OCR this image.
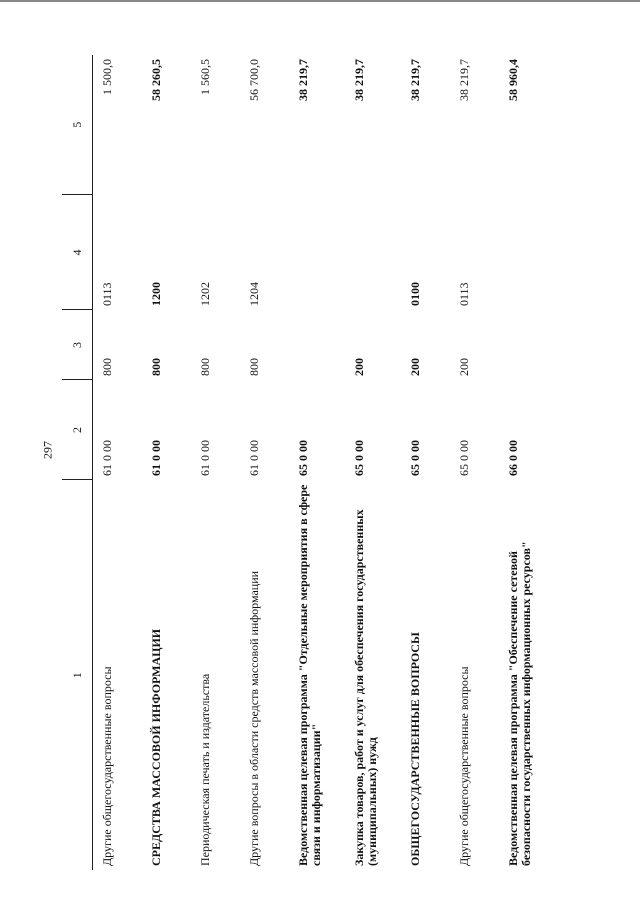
297
1	2	3	4	5
Другие общегосударственные вопросы	61 0 00	800	0113	1 500,0
СРЕДСТВА МАССОВОЙ ИНФОРМАЦИИ	61 0 00	800	1200	58 260,5
Периодическая печать и издательства	61 0 00	800	1202	1 560,5
Другие вопросы в области средств массовой информации	61 0 00	800	1204	56 700,0
Ведомственная целевая программа "Отдельные мероприятия в сфере связи и информатизации"	65 0 00			38 219,7
Закупка товаров, работ и услуг для обеспечения государственных (муниципальных) нужд	65 0 00	200		38 219,7
ОБЩЕГОСУДАРСТВЕННЫЕ ВОПРОСЫ	65 0 00	200	0100	38 219,7
Другие общегосударственные вопросы	65 0 00	200	0113	38 219,7
Ведомственная целевая программа "Обеспечение сетевой безопасности государственных информационных ресурсов"	66 0 00			58 960,4
